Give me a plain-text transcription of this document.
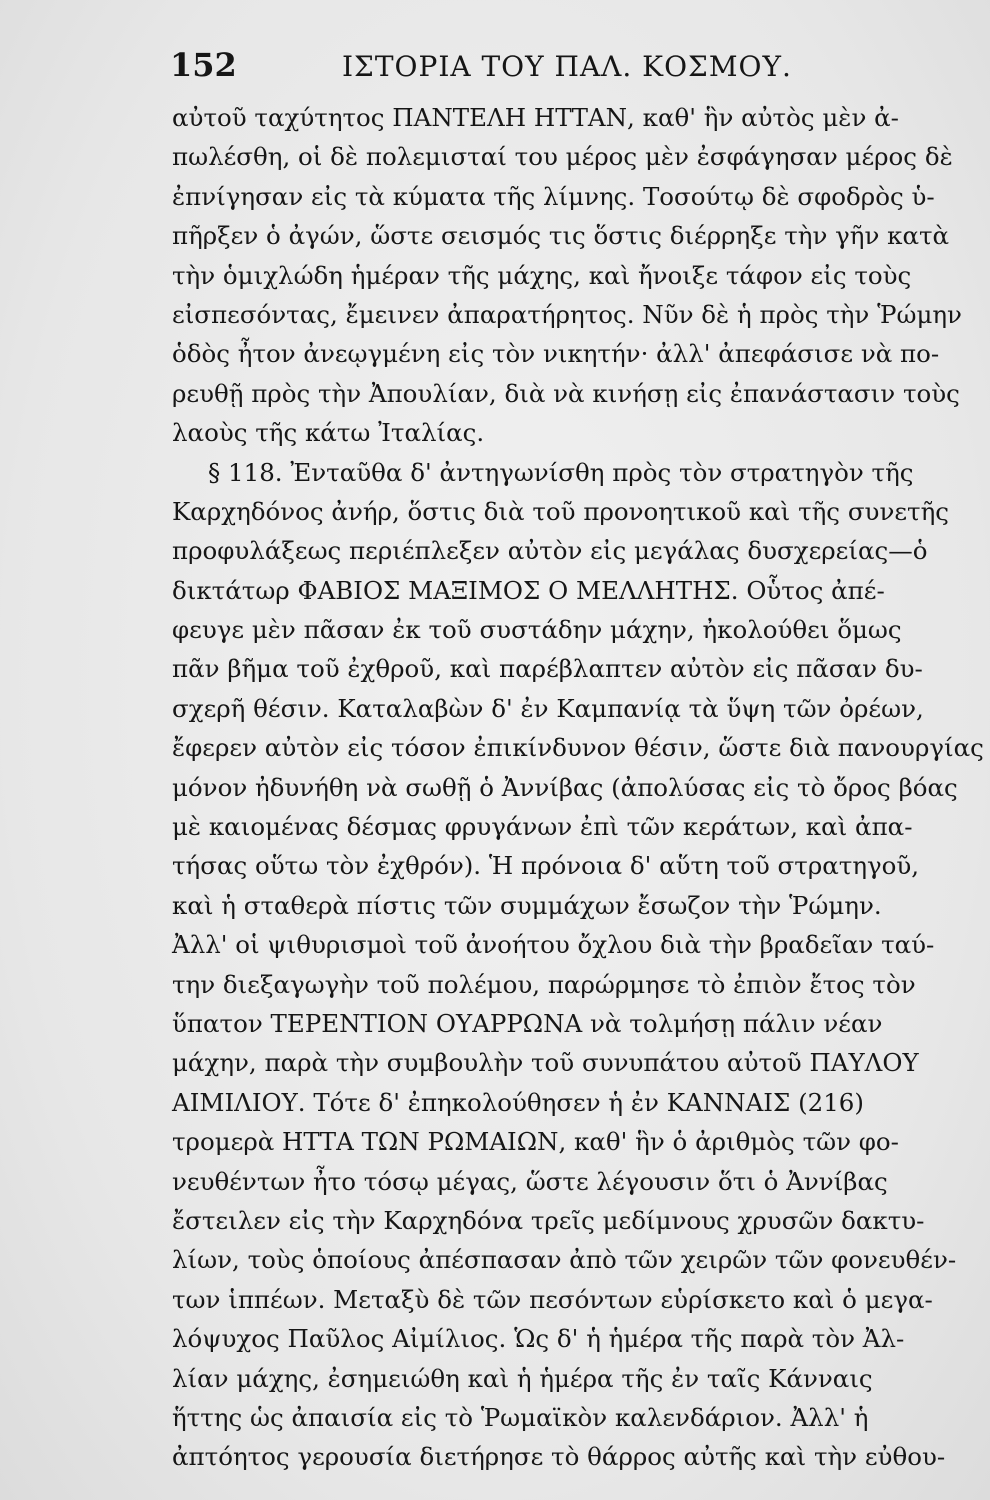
152	ΙΣΤΟΡΙΑ ΤΟΥ ΠΑΛ. ΚΟΣΜΟΥ.
αὐτοῦ ταχύτητος ΠΑΝΤΕΛΗ ΗΤΤΑΝ, καθ' ἣν αὐτὸς μὲν ἀ-
πωλέσθη, οἱ δὲ πολεμισταί του μέρος μὲν ἐσφάγησαν μέρος δὲ
ἐπνίγησαν εἰς τὰ κύματα τῆς λίμνης. Τοσούτῳ δὲ σφοδρὸς ὑ-
πῆρξεν ὁ ἀγών, ὥστε σεισμός τις ὅστις διέρρηξε τὴν γῆν κατὰ
τὴν ὁμιχλώδη ἡμέραν τῆς μάχης, καὶ ἤνοιξε τάφον εἰς τοὺς
εἰσπεσόντας, ἔμεινεν ἀπαρατήρητος. Νῦν δὲ ἡ πρὸς τὴν Ῥώμην
ὁδὸς ἦτον ἀνεῳγμένη εἰς τὸν νικητήν· ἀλλ' ἀπεφάσισε νὰ πο-
ρευθῇ πρὸς τὴν Ἀπουλίαν, διὰ νὰ κινήσῃ εἰς ἐπανάστασιν τοὺς
λαοὺς τῆς κάτω Ἰταλίας.
§ 118. Ἐνταῦθα δ' ἀντηγωνίσθη πρὸς τὸν στρατηγὸν τῆς
Καρχηδόνος ἀνήρ, ὅστις διὰ τοῦ προνοητικοῦ καὶ τῆς συνετῆς
προφυλάξεως περιέπλεξεν αὐτὸν εἰς μεγάλας δυσχερείας—ὁ
δικτάτωρ ΦΑΒΙΟΣ ΜΑΞΙΜΟΣ Ο ΜΕΛΛΗΤΗΣ. Οὗτος ἀπέ-
φευγε μὲν πᾶσαν ἐκ τοῦ συστάδην μάχην, ἠκολούθει ὅμως
πᾶν βῆμα τοῦ ἐχθροῦ, καὶ παρέβλαπτεν αὐτὸν εἰς πᾶσαν δυ-
σχερῆ θέσιν. Καταλαβὼν δ' ἐν Καμπανίᾳ τὰ ὕψη τῶν ὀρέων,
ἔφερεν αὐτὸν εἰς τόσον ἐπικίνδυνον θέσιν, ὥστε διὰ πανουργίας
μόνον ἠδυνήθη νὰ σωθῇ ὁ Ἀννίβας (ἀπολύσας εἰς τὸ ὄρος βόας
μὲ καιομένας δέσμας φρυγάνων ἐπὶ τῶν κεράτων, καὶ ἀπα-
τήσας οὕτω τὸν ἐχθρόν). Ἡ πρόνοια δ' αὕτη τοῦ στρατηγοῦ,
καὶ ἡ σταθερὰ πίστις τῶν συμμάχων ἔσωζον τὴν Ῥώμην.
Ἀλλ' οἱ ψιθυρισμοὶ τοῦ ἀνοήτου ὄχλου διὰ τὴν βραδεῖαν ταύ-
την διεξαγωγὴν τοῦ πολέμου, παρώρμησε τὸ ἐπιὸν ἔτος τὸν
ὕπατον ΤΕΡΕΝΤΙΟΝ ΟΥΑΡΡΩΝΑ νὰ τολμήσῃ πάλιν νέαν
μάχην, παρὰ τὴν συμβουλὴν τοῦ συνυπάτου αὐτοῦ ΠΑΥΛΟΥ
ΑΙΜΙΛΙΟΥ. Τότε δ' ἐπηκολούθησεν ἡ ἐν ΚΑΝΝΑΙΣ (216)
τρομερὰ ΗΤΤΑ ΤΩΝ ΡΩΜΑΙΩΝ, καθ' ἣν ὁ ἀριθμὸς τῶν φο-
νευθέντων ἦτο τόσῳ μέγας, ὥστε λέγουσιν ὅτι ὁ Ἀννίβας
ἔστειλεν εἰς τὴν Καρχηδόνα τρεῖς μεδίμνους χρυσῶν δακτυ-
λίων, τοὺς ὁποίους ἀπέσπασαν ἀπὸ τῶν χειρῶν τῶν φονευθέν-
των ἱππέων. Μεταξὺ δὲ τῶν πεσόντων εὑρίσκετο καὶ ὁ μεγα-
λόψυχος Παῦλος Αἰμίλιος. Ὡς δ' ἡ ἡμέρα τῆς παρὰ τὸν Ἀλ-
λίαν μάχης, ἐσημειώθη καὶ ἡ ἡμέρα τῆς ἐν ταῖς Κάνναις
ἥττης ὡς ἀπαισία εἰς τὸ Ῥωμαϊκὸν καλενδάριον. Ἀλλ' ἡ
ἀπτόητος γερουσία διετήρησε τὸ θάρρος αὐτῆς καὶ τὴν εὐθου-
